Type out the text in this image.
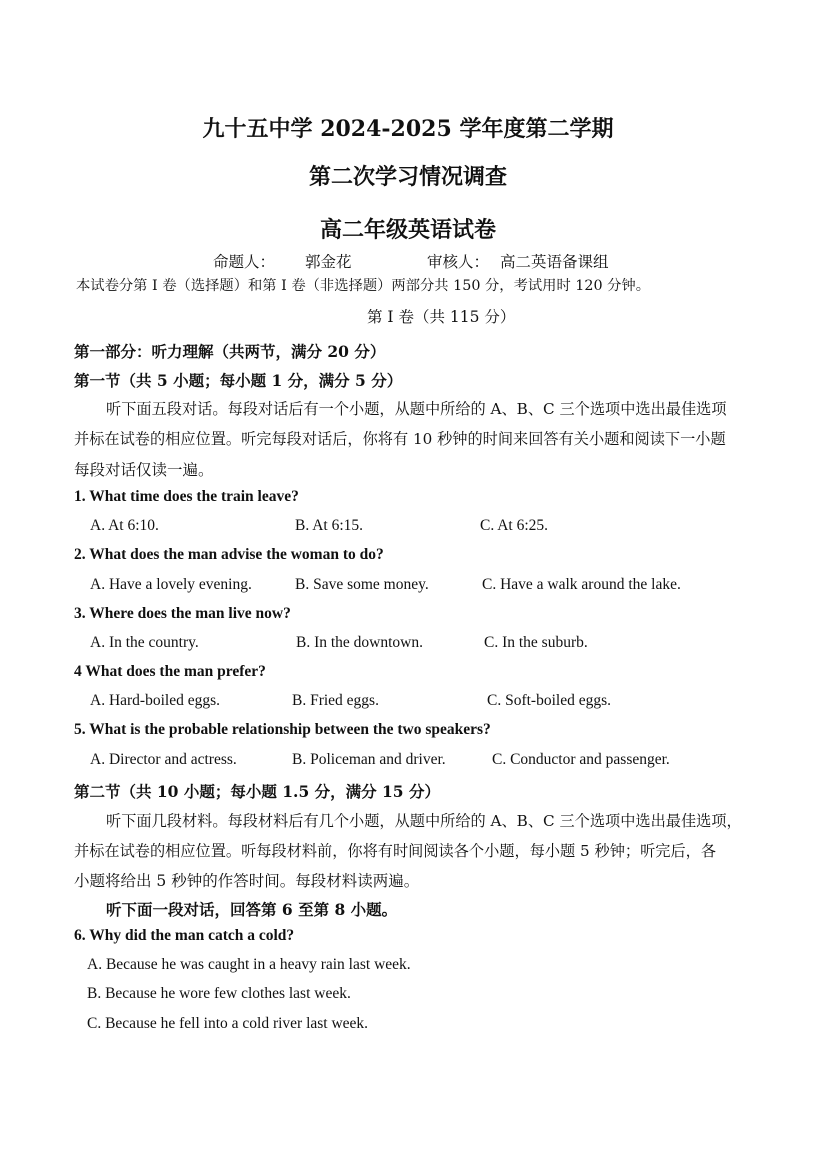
九十五中学 2024-2025 学年度第二学期
第二次学习情况调查
高二年级英语试卷
命题人： 郭金花	审核人： 高二英语备课组
本试卷分第 I 卷（选择题）和第 I 卷（非选择题）两部分共 150 分，考试用时 120 分钟。
第 I 卷（共 115 分）
第一部分：听力理解（共两节，满分 20 分）
第一节（共 5 小题；每小题 1 分，满分 5 分）
听下面五段对话。每段对话后有一个小题，从题中所给的 A、B、C 三个选项中选出最佳选项
并标在试卷的相应位置。听完每段对话后，你将有 10 秒钟的时间来回答有关小题和阅读下一小题
每段对话仅读一遍。
1. What time does the train leave?
A. At 6:10.	B. At 6:15.	C. At 6:25.
2. What does the man advise the woman to do?
A. Have a lovely evening.	B. Save some money.	C. Have a walk around the lake.
3. Where does the man live now?
A. In the country.	B. In the downtown.	C. In the suburb.
4 What does the man prefer?
A. Hard-boiled eggs.	B. Fried eggs.	C. Soft-boiled eggs.
5. What is the probable relationship between the two speakers?
A. Director and actress.	B. Policeman and driver.	C. Conductor and passenger.
第二节（共 10 小题；每小题 1.5 分，满分 15 分）
听下面几段材料。每段材料后有几个小题，从题中所给的 A、B、C 三个选项中选出最佳选项，
并标在试卷的相应位置。听每段材料前，你将有时间阅读各个小题，每小题 5 秒钟；听完后，各
小题将给出 5 秒钟的作答时间。每段材料读两遍。
听下面一段对话，回答第 6 至第 8 小题。
6. Why did the man catch a cold?
A. Because he was caught in a heavy rain last week.
B. Because he wore few clothes last week.
C. Because he fell into a cold river last week.
